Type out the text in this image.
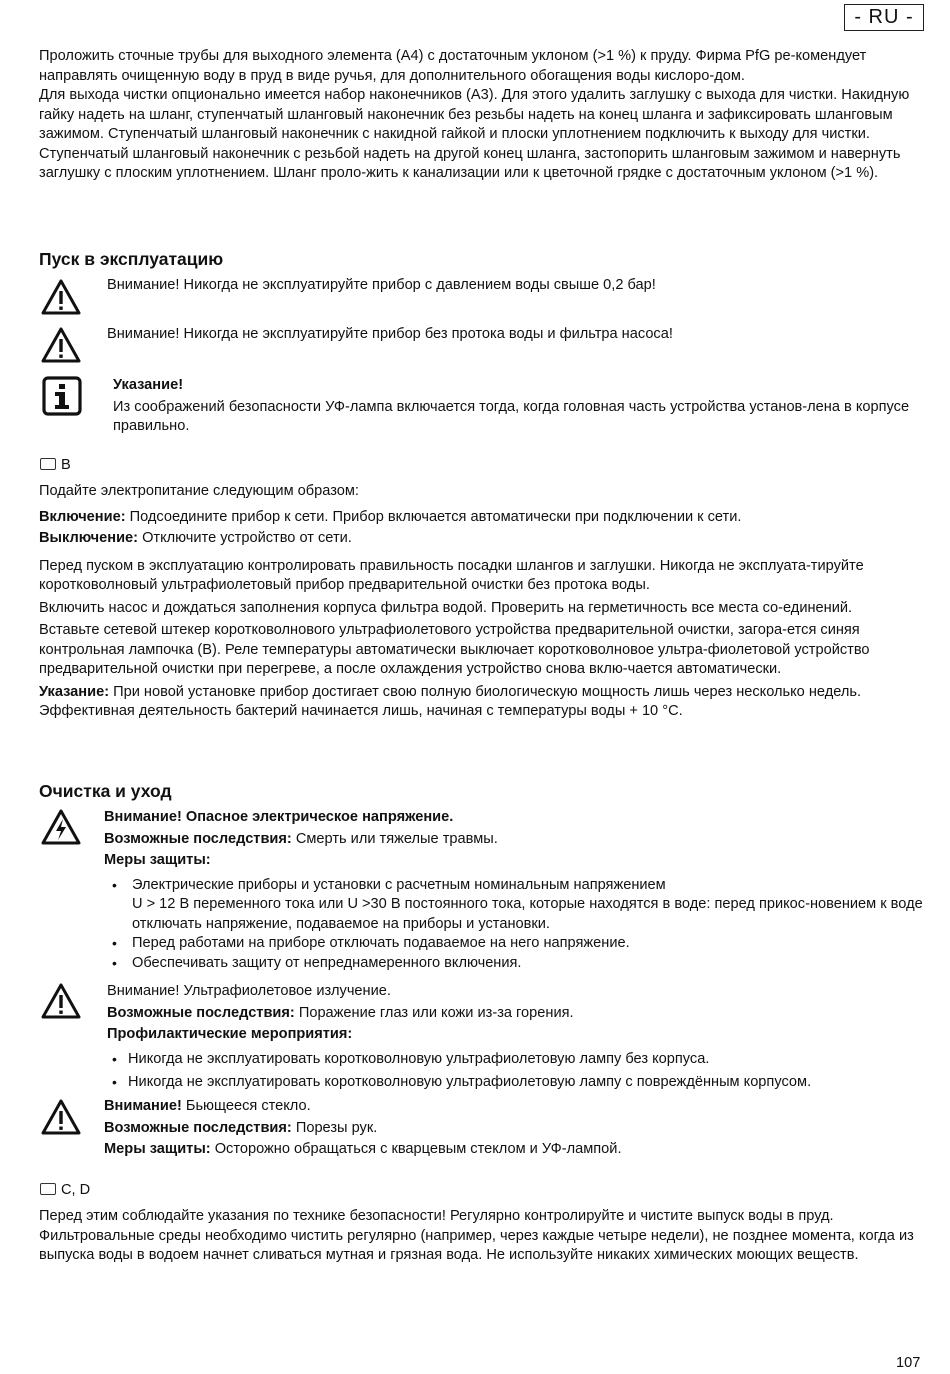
- RU -

Проложить сточные трубы для выходного элемента (A4) с достаточным уклоном (>1 %) к пруду. Фирма PfG ре-комендует направлять очищенную воду в пруд в виде ручья, для дополнительного обогащения воды кислоро-дом.

Для выхода чистки опционально имеется набор наконечников (A3). Для этого удалить заглушку с выхода для чистки. Накидную гайку надеть на шланг, ступенчатый шланговый наконечник без резьбы надеть на конец шланга и зафиксировать шланговым зажимом. Ступенчатый шланговый наконечник с накидной гайкой и плоски уплотнением подключить к выходу для чистки. Ступенчатый шланговый наконечник с резьбой надеть на другой конец шланга, застопорить шланговым зажимом и навернуть заглушку с плоским уплотнением. Шланг проло-жить к канализации или к цветочной грядке с достаточным уклоном (>1 %).

Пуск в эксплуатацию
Внимание! Никогда не эксплуатируйте прибор с давлением воды свыше 0,2 бар!
Внимание! Никогда не эксплуатируйте прибор без протока воды и фильтра насоса!
Указание!
Из соображений безопасности УФ-лампа включается тогда, когда головная часть устройства установ-лена в корпусе правильно.
B

Подайте электропитание следующим образом:

Включение: Подсоедините прибор к сети. Прибор включается автоматически при подключении к сети.

Выключение: Отключите устройство от сети.

Перед пуском в эксплуатацию контролировать правильность посадки шлангов и заглушки. Никогда не эксплуата-тируйте коротковолновый ультрафиолетовый прибор предварительной очистки без протока воды.

Включить насос и дождаться заполнения корпуса фильтра водой. Проверить на герметичность все места со-единений.

Вставьте сетевой штекер коротковолнового ультрафиолетового устройства предварительной очистки, загора-ется синяя контрольная лампочка (B). Реле температуры автоматически выключает коротковолновое ультра-фиолетовой устройство предварительной очистки при перегреве, а после охлаждения устройство снова вклю-чается автоматически.

Указание: При новой установке прибор достигает свою полную биологическую мощность лишь через несколько недель. Эффективная деятельность бактерий начинается лишь, начиная с температуры воды + 10 °C.

Очистка и уход
Внимание! Опасное электрическое напряжение.
Возможные последствия: Смерть или тяжелые травмы.
Меры защиты:
• Электрические приборы и установки с расчетным номинальным напряжением
U > 12 В переменного тока или U >30 В постоянного тока, которые находятся в воде: перед прикос-новением к воде отключать напряжение, подаваемое на приборы и установки.
• Перед работами на приборе отключать подаваемое на него напряжение.
• Обеспечивать защиту от непреднамеренного включения.
Внимание! Ультрафиолетовое излучение.
Возможные последствия: Поражение глаз или кожи из-за горения.
Профилактические мероприятия:
• Никогда не эксплуатировать коротковолновую ультрафиолетовую лампу без корпуса.
• Никогда не эксплуатировать коротковолновую ультрафиолетовую лампу с повреждённым корпусом.
Внимание! Бьющееся стекло.
Возможные последствия: Порезы рук.
Меры защиты: Осторожно обращаться с кварцевым стеклом и УФ-лампой.
C, D

Перед этим соблюдайте указания по технике безопасности! Регулярно контролируйте и чистите выпуск воды в пруд. Фильтровальные среды необходимо чистить регулярно (например, через каждые четыре недели), не позднее момента, когда из выпуска воды в водоем начнет сливаться мутная и грязная вода. Не используйте никаких химических моющих веществ.

107
